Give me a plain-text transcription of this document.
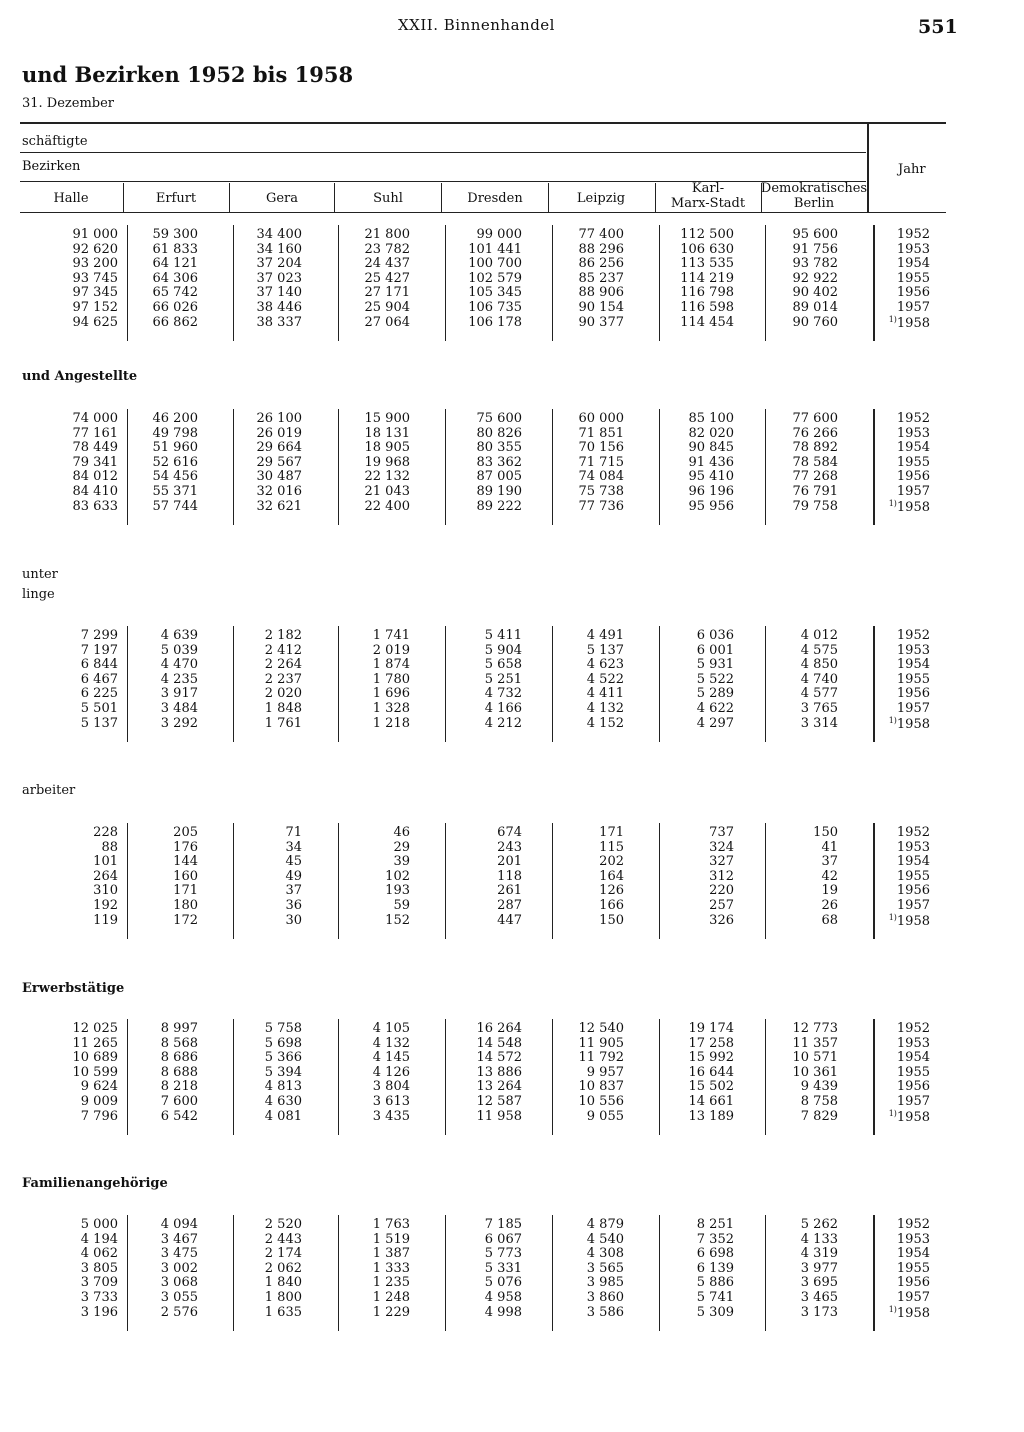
XXII. Binnenhandel	551
und Bezirken 1952 bis 1958
31. Dezember
schäftigte
Bezirken	Jahr
Halle	Erfurt	Gera	Suhl	Dresden	Leipzig
Karl-
Marx-Stadt
Demokratisches
Berlin
91 000	59 300	34 400	21 800	99 000	77 400	112 500	95 600	1952
92 620	61 833	34 160	23 782	101 441	88 296	106 630	91 756	1953
93 200	64 121	37 204	24 437	100 700	86 256	113 535	93 782	1954
93 745	64 306	37 023	25 427	102 579	85 237	114 219	92 922	1955
97 345	65 742	37 140	27 171	105 345	88 906	116 798	90 402	1956
97 152	66 026	38 446	25 904	106 735	90 154	116 598	89 014	1957
94 625	66 862	38 337	27 064	106 178	90 377	114 454	90 760	$^{1)}$1958
und Angestellte
74 000	46 200	26 100	15 900	75 600	60 000	85 100	77 600	1952
77 161	49 798	26 019	18 131	80 826	71 851	82 020	76 266	1953
78 449	51 960	29 664	18 905	80 355	70 156	90 845	78 892	1954
79 341	52 616	29 567	19 968	83 362	71 715	91 436	78 584	1955
84 012	54 456	30 487	22 132	87 005	74 084	95 410	77 268	1956
84 410	55 371	32 016	21 043	89 190	75 738	96 196	76 791	1957
83 633	57 744	32 621	22 400	89 222	77 736	95 956	79 758	$^{1)}$1958
unter
linge
7 299	4 639	2 182	1 741	5 411	4 491	6 036	4 012	1952
7 197	5 039	2 412	2 019	5 904	5 137	6 001	4 575	1953
6 844	4 470	2 264	1 874	5 658	4 623	5 931	4 850	1954
6 467	4 235	2 237	1 780	5 251	4 522	5 522	4 740	1955
6 225	3 917	2 020	1 696	4 732	4 411	5 289	4 577	1956
5 501	3 484	1 848	1 328	4 166	4 132	4 622	3 765	1957
5 137	3 292	1 761	1 218	4 212	4 152	4 297	3 314	$^{1)}$1958
arbeiter
228	205	71	46	674	171	737	150	1952
88	176	34	29	243	115	324	41	1953
101	144	45	39	201	202	327	37	1954
264	160	49	102	118	164	312	42	1955
310	171	37	193	261	126	220	19	1956
192	180	36	59	287	166	257	26	1957
119	172	30	152	447	150	326	68	$^{1)}$1958
Erwerbstätige
12 025	8 997	5 758	4 105	16 264	12 540	19 174	12 773	1952
11 265	8 568	5 698	4 132	14 548	11 905	17 258	11 357	1953
10 689	8 686	5 366	4 145	14 572	11 792	15 992	10 571	1954
10 599	8 688	5 394	4 126	13 886	9 957	16 644	10 361	1955
9 624	8 218	4 813	3 804	13 264	10 837	15 502	9 439	1956
9 009	7 600	4 630	3 613	12 587	10 556	14 661	8 758	1957
7 796	6 542	4 081	3 435	11 958	9 055	13 189	7 829	$^{1)}$1958
Familienangehörige
5 000	4 094	2 520	1 763	7 185	4 879	8 251	5 262	1952
4 194	3 467	2 443	1 519	6 067	4 540	7 352	4 133	1953
4 062	3 475	2 174	1 387	5 773	4 308	6 698	4 319	1954
3 805	3 002	2 062	1 333	5 331	3 565	6 139	3 977	1955
3 709	3 068	1 840	1 235	5 076	3 985	5 886	3 695	1956
3 733	3 055	1 800	1 248	4 958	3 860	5 741	3 465	1957
3 196	2 576	1 635	1 229	4 998	3 586	5 309	3 173	$^{1)}$1958
